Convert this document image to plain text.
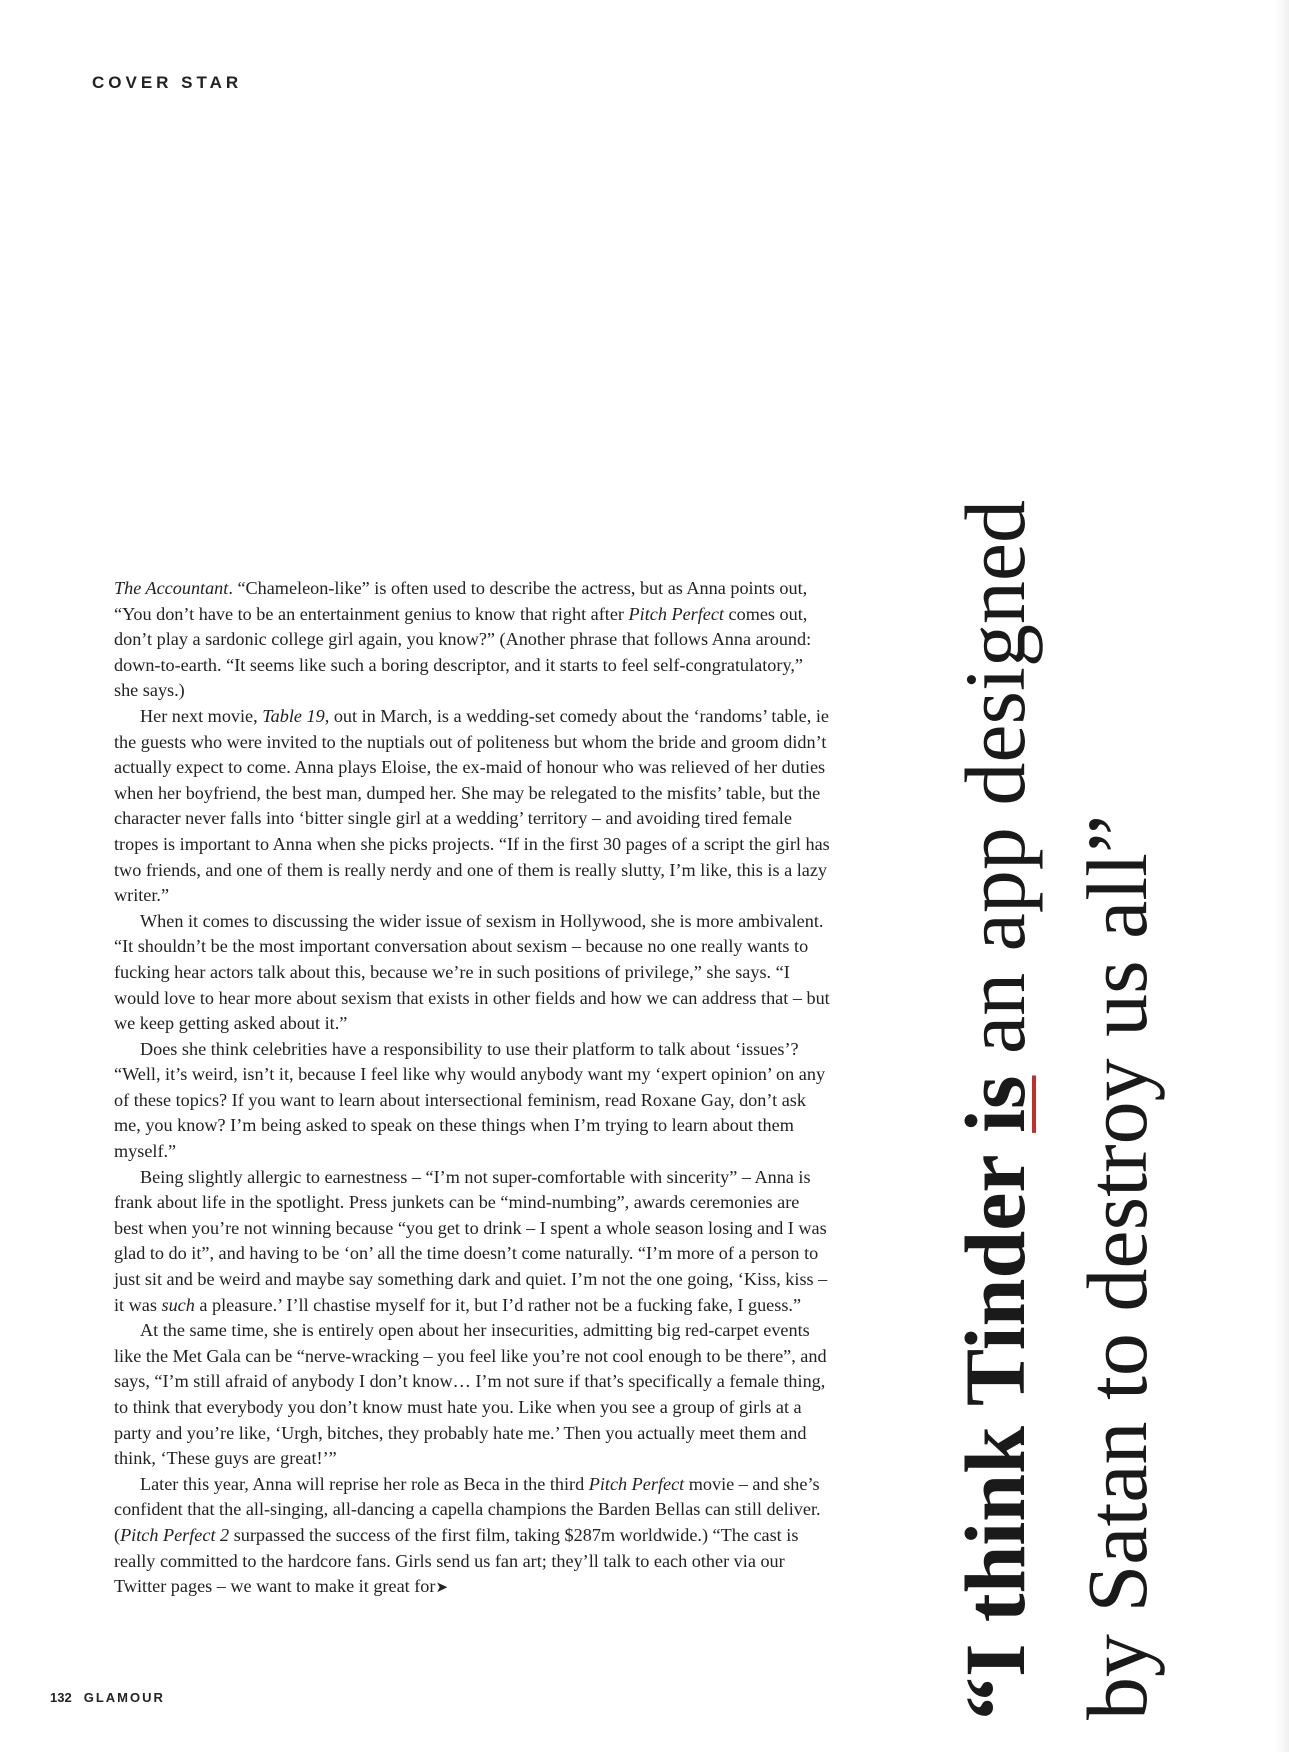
COVER STAR

The Accountant. “Chameleon-like” is often used to describe the actress, but as Anna points out, “You don’t have to be an entertainment genius to know that right after Pitch Perfect comes out, don’t play a sardonic college girl again, you know?” (Another phrase that follows Anna around: down-to-earth. “It seems like such a boring descriptor, and it starts to feel self-congratulatory,” she says.)

Her next movie, Table 19, out in March, is a wedding-set comedy about the ‘randoms’ table, ie the guests who were invited to the nuptials out of politeness but whom the bride and groom didn’t actually expect to come. Anna plays Eloise, the ex-maid of honour who was relieved of her duties when her boyfriend, the best man, dumped her. She may be relegated to the misfits’ table, but the character never falls into ‘bitter single girl at a wedding’ territory – and avoiding tired female tropes is important to Anna when she picks projects. “If in the first 30 pages of a script the girl has two friends, and one of them is really nerdy and one of them is really slutty, I’m like, this is a lazy writer.”

When it comes to discussing the wider issue of sexism in Hollywood, she is more ambivalent. “It shouldn’t be the most important conversation about sexism – because no one really wants to fucking hear actors talk about this, because we’re in such positions of privilege,” she says. “I would love to hear more about sexism that exists in other fields and how we can address that – but we keep getting asked about it.”

Does she think celebrities have a responsibility to use their platform to talk about ‘issues’? “Well, it’s weird, isn’t it, because I feel like why would anybody want my ‘expert opinion’ on any of these topics? If you want to learn about intersectional feminism, read Roxane Gay, don’t ask me, you know? I’m being asked to speak on these things when I’m trying to learn about them myself.”

Being slightly allergic to earnestness – “I’m not super-comfortable with sincerity” – Anna is frank about life in the spotlight. Press junkets can be “mind-numbing”, awards ceremonies are best when you’re not winning because “you get to drink – I spent a whole season losing and I was glad to do it”, and having to be ‘on’ all the time doesn’t come naturally. “I’m more of a person to just sit and be weird and maybe say something dark and quiet. I’m not the one going, ‘Kiss, kiss – it was such a pleasure.’ I’ll chastise myself for it, but I’d rather not be a fucking fake, I guess.”

At the same time, she is entirely open about her insecurities, admitting big red-carpet events like the Met Gala can be “nerve-wracking – you feel like you’re not cool enough to be there”, and says, “I’m still afraid of anybody I don’t know… I’m not sure if that’s specifically a female thing, to think that everybody you don’t know must hate you. Like when you see a group of girls at a party and you’re like, ‘Urgh, bitches, they probably hate me.’ Then you actually meet them and think, ‘These guys are great!’”

Later this year, Anna will reprise her role as Beca in the third Pitch Perfect movie – and she’s confident that the all-singing, all-dancing a capella champions the Barden Bellas can still deliver. (Pitch Perfect 2 surpassed the success of the first film, taking $287m worldwide.) “The cast is really committed to the hardcore fans. Girls send us fan art; they’ll talk to each other via our Twitter pages – we want to make it great for➤	“I think Tinder is an app designed
by Satan to destroy us all”
132 GLAMOUR
